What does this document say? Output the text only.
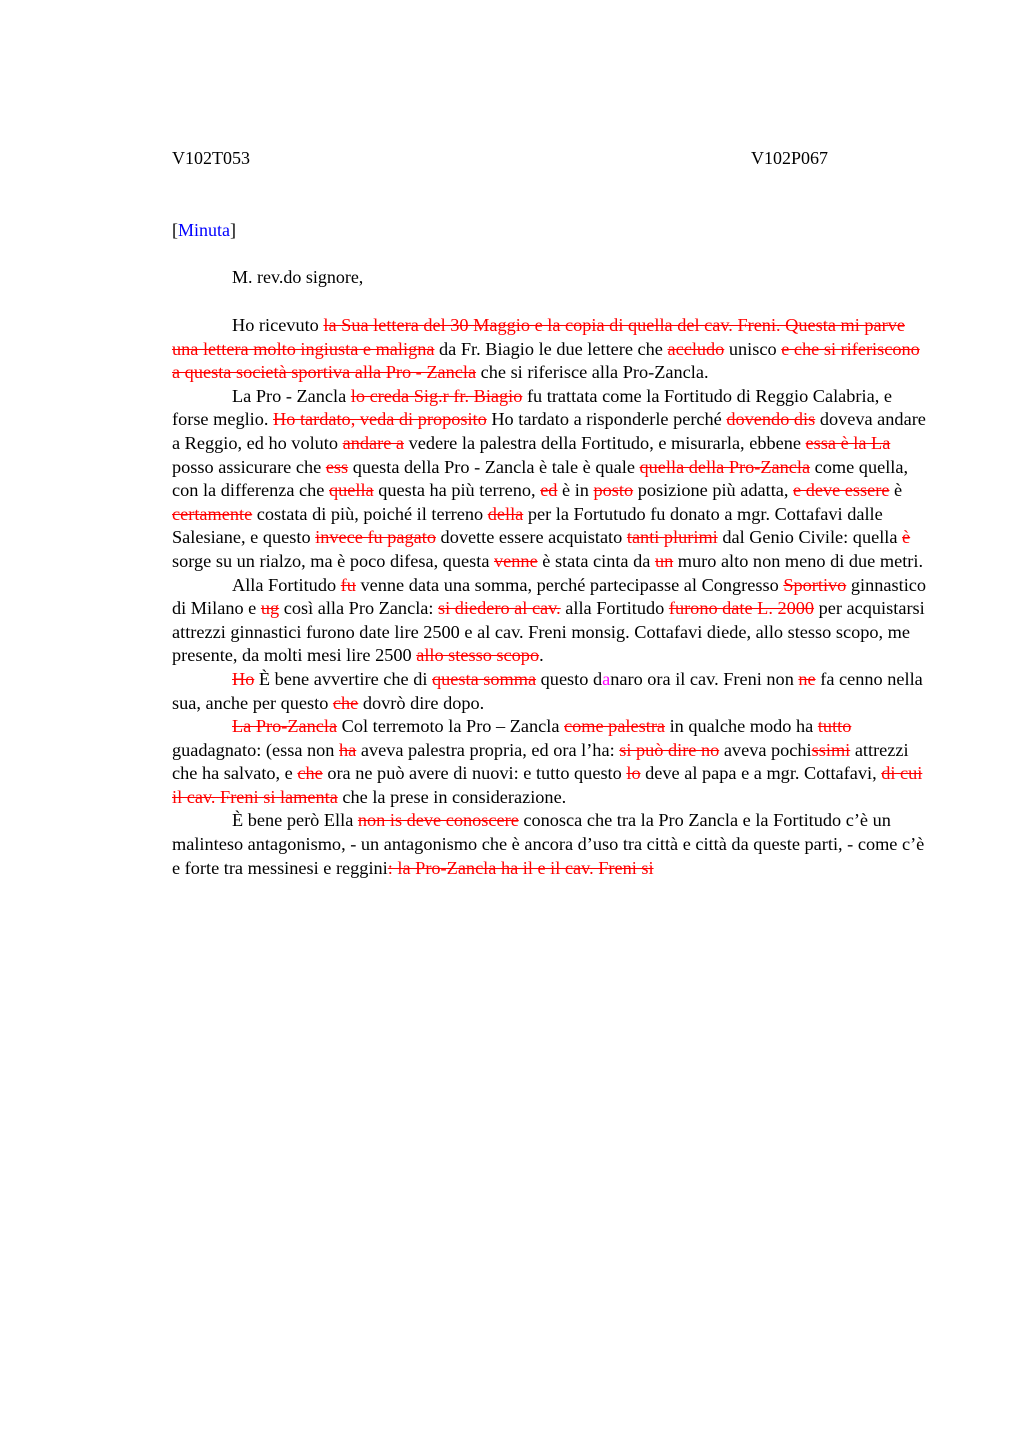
V102T053	V102P067
[Minuta]
M. rev.do signore,

Ho ricevuto la Sua lettera del 30 Maggio e la copia di quella del cav. Freni. Questa mi parve una lettera molto ingiusta e maligna da Fr. Biagio le due lettere che accludo unisco e che si riferiscono a questa società sportiva alla Pro - Zancla che si riferisce alla Pro-Zancla.

La Pro - Zancla lo creda Sig.r fr. Biagio fu trattata come la Fortitudo di Reggio Calabria, e forse meglio. Ho tardato, veda di proposito Ho tardato a risponderle perché dovendo dis doveva andare a Reggio, ed ho voluto andare a vedere la palestra della Fortitudo, e misurarla, ebbene essa è la La posso assicurare che ess questa della Pro - Zancla è tale è quale quella della Pro-Zancla come quella, con la differenza che quella questa ha più terreno, ed è in posto posizione più adatta, e deve essere è certamente costata di più, poiché il terreno della per la Fortutudo fu donato a mgr. Cottafavi dalle Salesiane, e questo invece fu pagato dovette essere acquistato tanti plurimi dal Genio Civile: quella è sorge su un rialzo, ma è poco difesa, questa venne è stata cinta da un muro alto non meno di due metri.

Alla Fortitudo fu venne data una somma, perché partecipasse al Congresso Sportivo ginnastico di Milano e ug così alla Pro Zancla: si diedero al cav. alla Fortitudo furono date L. 2000 per acquistarsi attrezzi ginnastici furono date lire 2500 e al cav. Freni monsig. Cottafavi diede, allo stesso scopo, me presente, da molti mesi lire 2500 allo stesso scopo.

Ho È bene avvertire che di questa somma questo danaro ora il cav. Freni non ne fa cenno nella sua, anche per questo che dovrò dire dopo.

La Pro-Zancla Col terremoto la Pro – Zancla come palestra in qualche modo ha tutto guadagnato: (essa non ha aveva palestra propria, ed ora l’ha: si può dire no aveva pochissimi attrezzi che ha salvato, e che ora ne può avere di nuovi: e tutto questo lo deve al papa e a mgr. Cottafavi, di cui il cav. Freni si lamenta che la prese in considerazione.

È bene però Ella non is deve conoscere conosca che tra la Pro Zancla e la Fortitudo c’è un malinteso antagonismo, - un antagonismo che è ancora d’uso tra città e città da queste parti, - come c’è e forte tra messinesi e reggini: la Pro-Zancla ha il e il cav. Freni si
